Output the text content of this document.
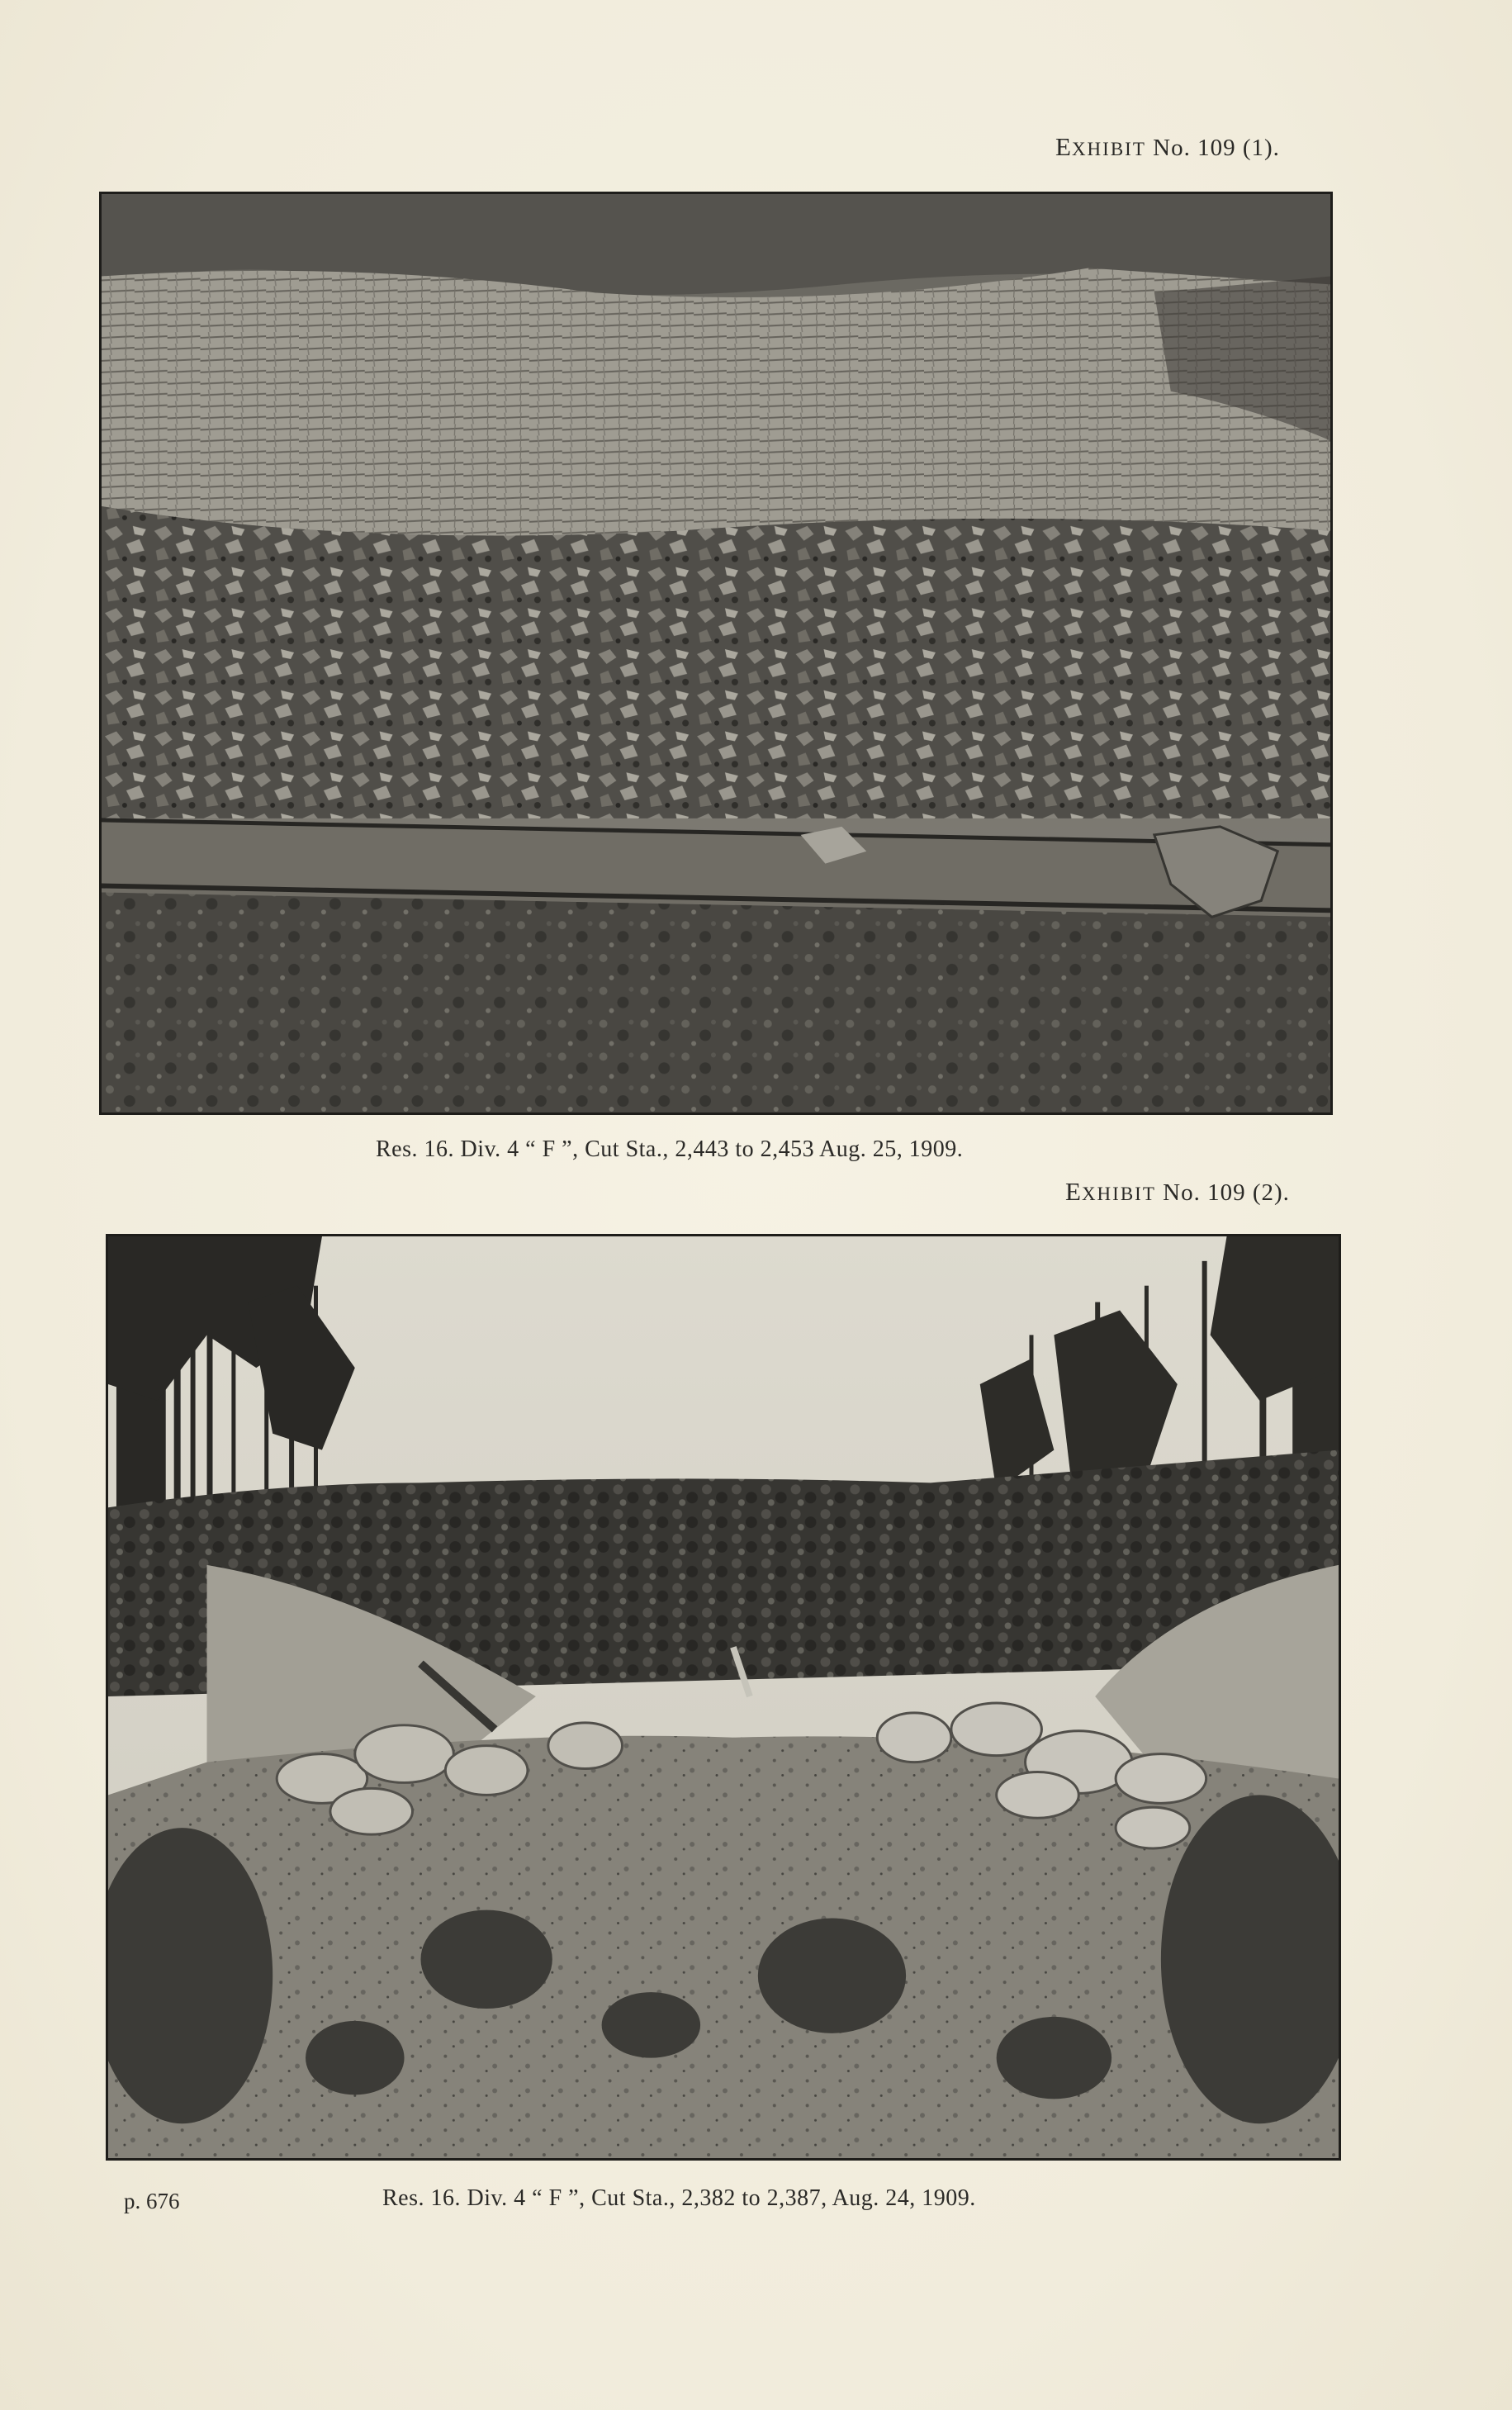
EXHIBIT No. 109 (1).
Res. 16. Div. 4 “ F ”, Cut Sta., 2,443 to 2,453 Aug. 25, 1909.
EXHIBIT No. 109 (2).
p. 676	Res. 16. Div. 4 “ F ”, Cut Sta., 2,382 to 2,387, Aug. 24, 1909.
